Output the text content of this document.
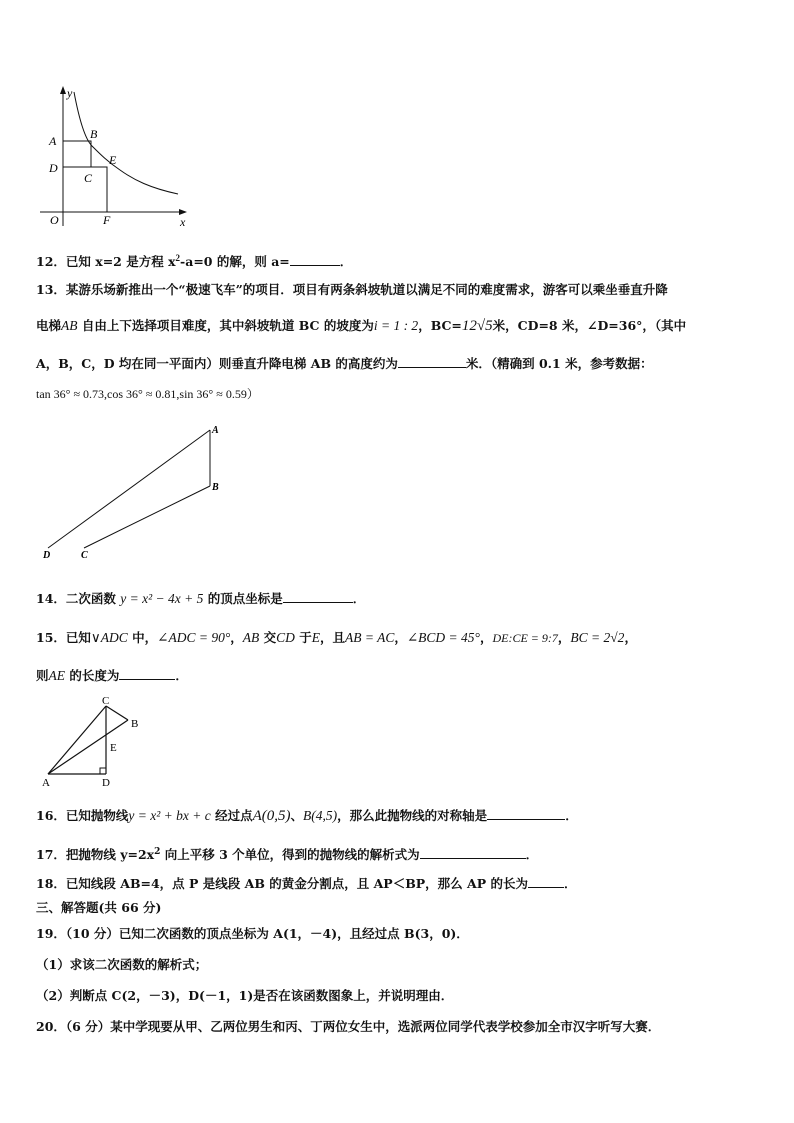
y
A	B
D
E
C
O	F	x
12．已知 x=2 是方程 $x^2-a=0$ 的解，则 a=	．
13．某游乐场新推出一个“极速飞车”的项目．项目有两条斜坡轨道以满足不同的难度需求，游客可以乘坐垂直升降
电梯AB 自由上下选择项目难度，其中斜坡轨道 BC 的坡度为i = 1 : 2，BC=12√5米，CD=8 米，∠D=36°，（其中
A，B，C，D 均在同一平面内）则垂直升降电梯 AB 的高度约为	米．（精确到 0.1 米，参考数据：
tan 36° ≈ 0.73,cos 36° ≈ 0.81,sin 36° ≈ 0.59）
A
B
D	C
14．二次函数 y = x² − 4x + 5 的顶点坐标是	．
15．已知∨ADC 中，∠ADC = 90°，AB 交CD 于E，且AB = AC，∠BCD = 45°，DE:CE = 9:7，BC = 2√2，
则AE 的长度为	．
C
B
E
A	D
16．已知抛物线y = x² + bx + c 经过点A(0,5)、B(4,5)，那么此抛物线的对称轴是	．
17．把抛物线 $y=2x^2$ 向上平移 3 个单位，得到的抛物线的解析式为	．
18．已知线段 AB=4，点 P 是线段 AB 的黄金分割点，且 AP＜BP，那么 AP 的长为	．
三、解答题(共 66 分)
19．（10 分）已知二次函数的顶点坐标为 A(1，－4)，且经过点 B(3，0)．
（1）求该二次函数的解析式；
（2）判断点 C(2，－3)，D(－1，1)是否在该函数图象上，并说明理由．
20．（6 分）某中学现要从甲、乙两位男生和丙、丁两位女生中，选派两位同学代表学校参加全市汉字听写大赛．
